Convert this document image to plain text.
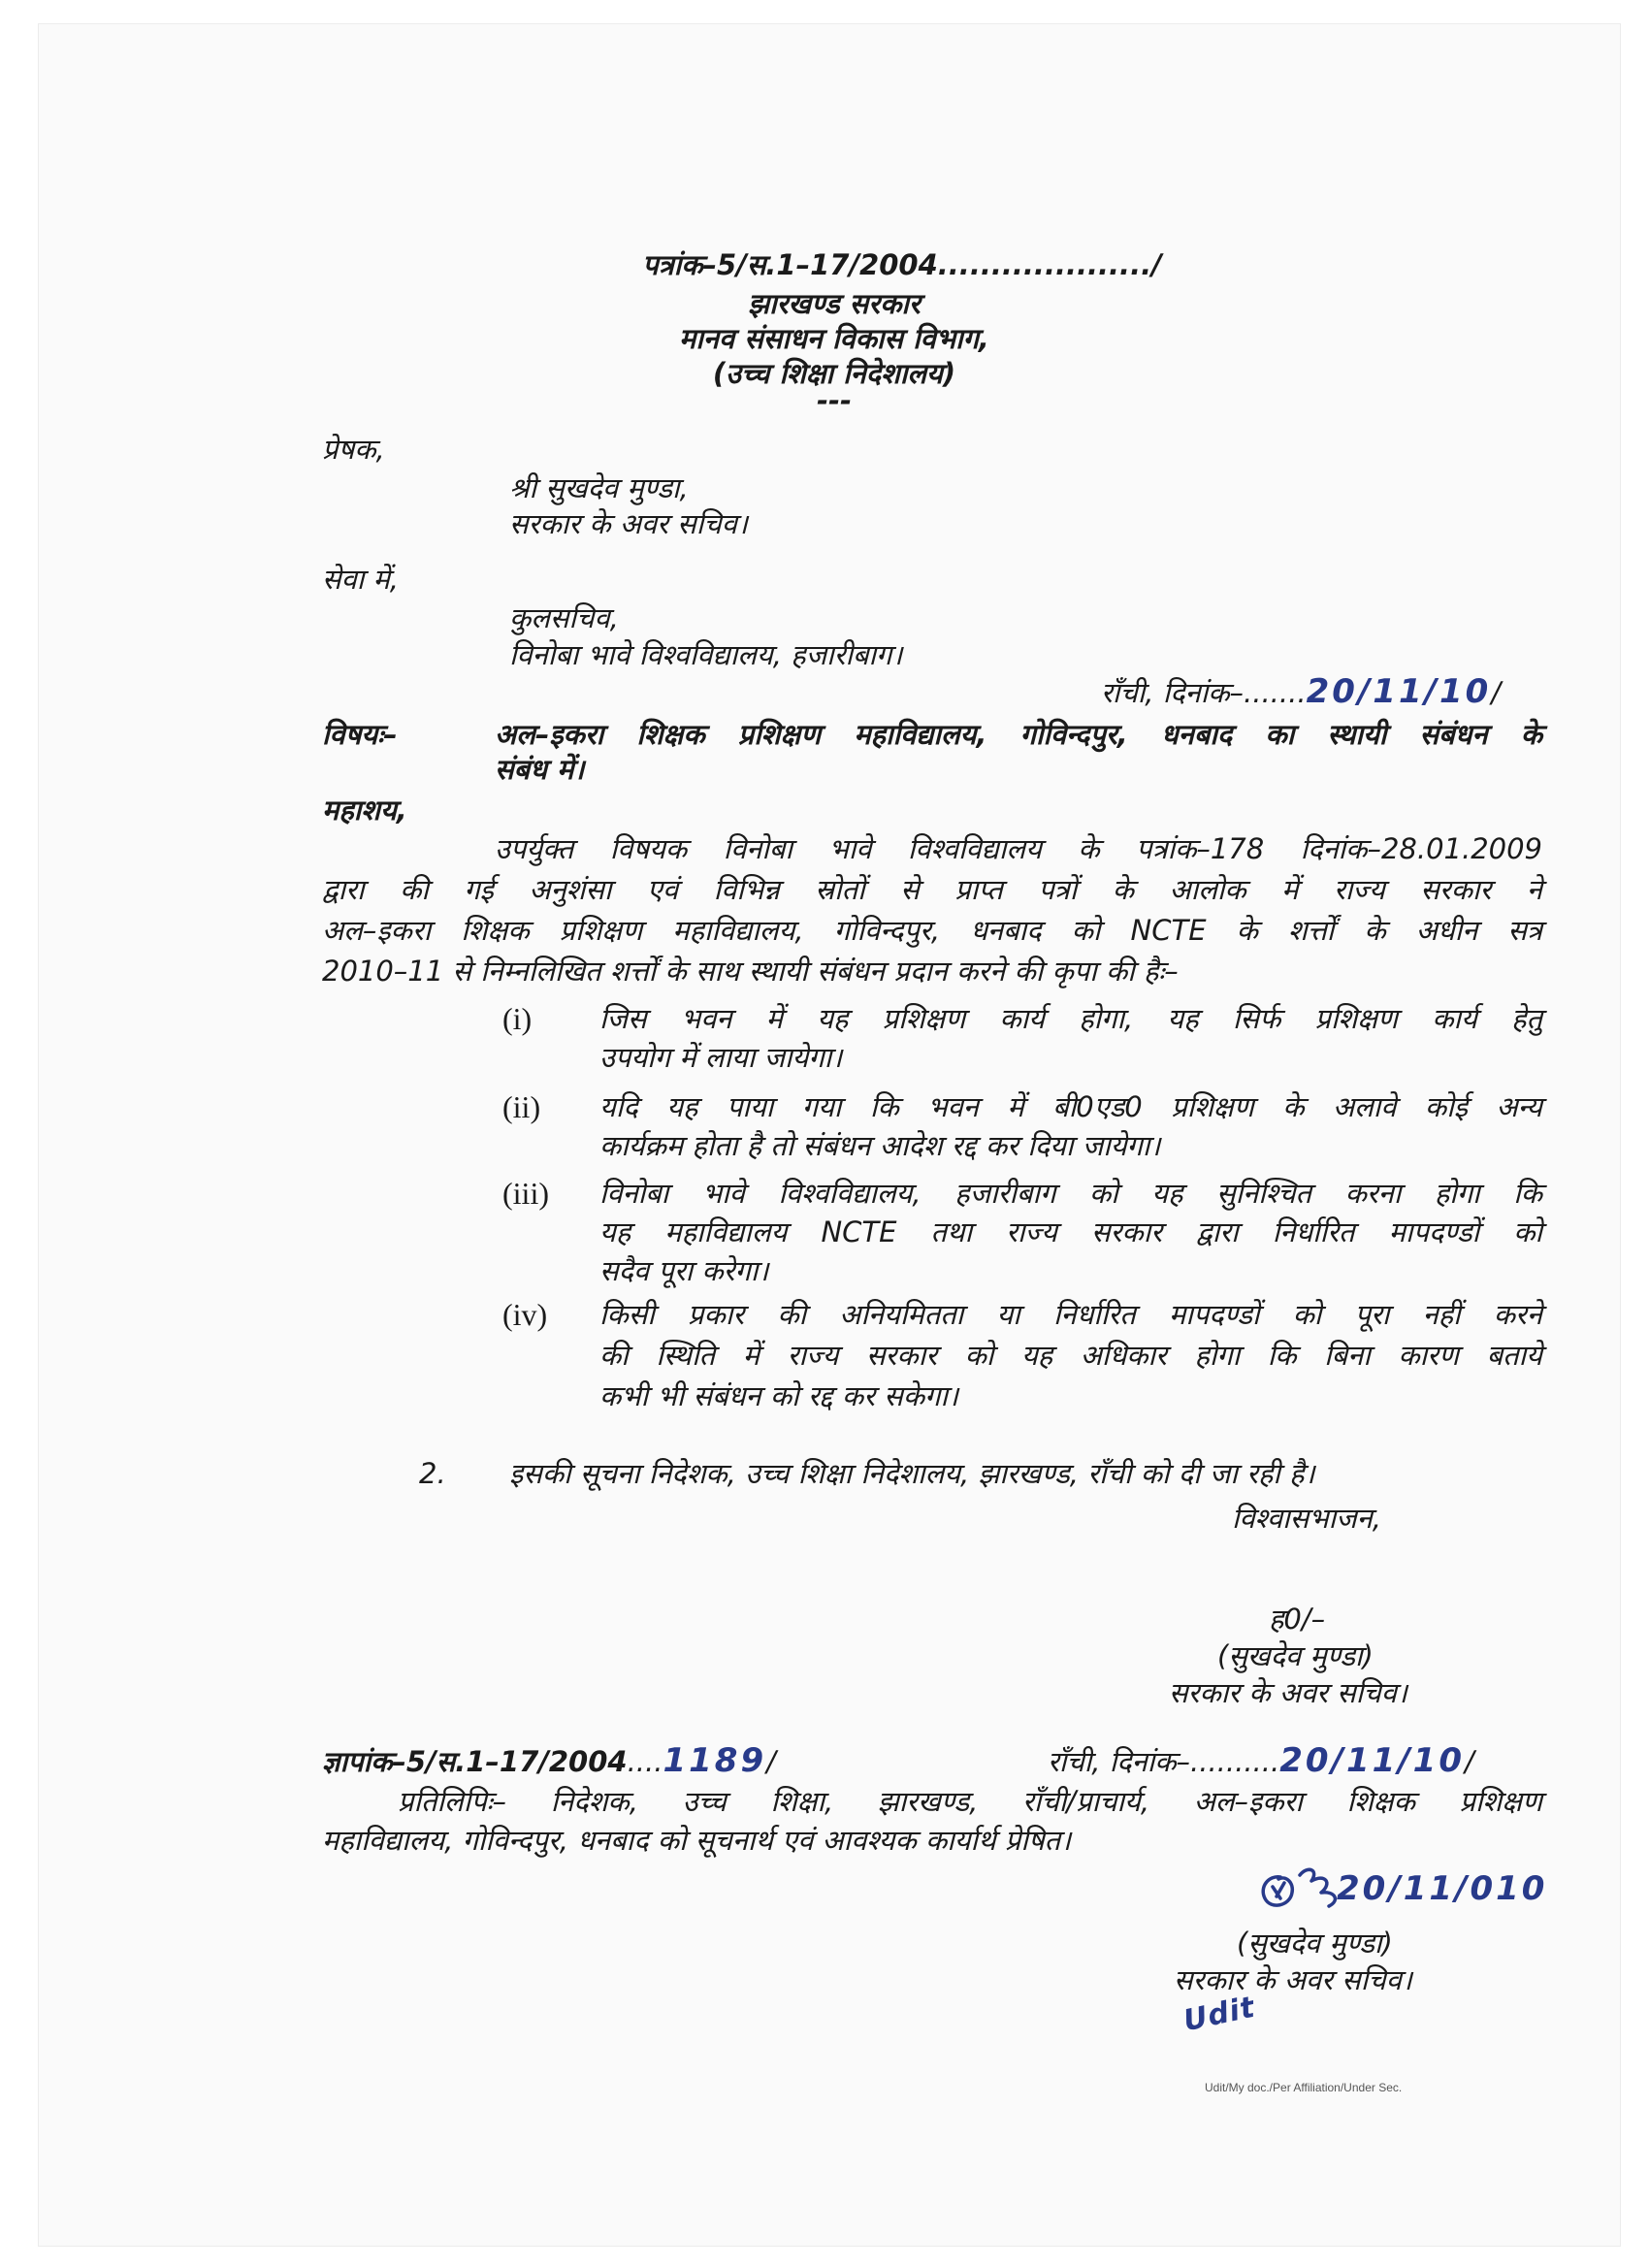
पत्रांक–5/स.1–17/2004..................../
झारखण्ड सरकार
मानव संसाधन विकास विभाग,
(उच्च शिक्षा निदेशालय)
---
प्रेषक,
श्री सुखदेव मुण्डा,
सरकार के अवर सचिव।
सेवा में,
कुलसचिव,
विनोबा भावे विश्वविद्यालय, हजारीबाग।
राँची, दिनांक–.......20/11/10/
विषयः–	अल–इकरा शिक्षक प्रशिक्षण महाविद्यालय, गोविन्दपुर, धनबाद का स्थायी संबंधन के
संबंध में।
महाशय,
उपर्युक्त विषयक विनोबा भावे विश्वविद्यालय के पत्रांक–178 दिनांक–28.01.2009
द्वारा की गई अनुशंसा एवं विभिन्न स्रोतों से प्राप्त पत्रों के आलोक में राज्य सरकार ने
अल–इकरा शिक्षक प्रशिक्षण महाविद्यालय, गोविन्दपुर, धनबाद को NCTE के शर्त्तों के अधीन सत्र
2010–11 से निम्नलिखित शर्त्तों के साथ स्थायी संबंधन प्रदान करने की कृपा की हैः–
(i) जिस भवन में यह प्रशिक्षण कार्य होगा, यह सिर्फ प्रशिक्षण कार्य हेतु
उपयोग में लाया जायेगा।
(ii) यदि यह पाया गया कि भवन में बी0एड0 प्रशिक्षण के अलावे कोई अन्य
कार्यक्रम होता है तो संबंधन आदेश रद्द कर दिया जायेगा।
(iii) विनोबा भावे विश्वविद्यालय, हजारीबाग को यह सुनिश्चित करना होगा कि
यह महाविद्यालय NCTE तथा राज्य सरकार द्वारा निर्धारित मापदण्डों को
सदैव पूरा करेगा।
(iv) किसी प्रकार की अनियमितता या निर्धारित मापदण्डों को पूरा नहीं करने
की स्थिति में राज्य सरकार को यह अधिकार होगा कि बिना कारण बताये
कभी भी संबंधन को रद्द कर सकेगा।
2. इसकी सूचना निदेशक, उच्च शिक्षा निदेशालय, झारखण्ड, राँची को दी जा रही है।
विश्वासभाजन,
ह0/–
(सुखदेव मुण्डा)
सरकार के अवर सचिव।
ज्ञापांक–5/स.1–17/2004....1189/	राँची, दिनांक–..........20/11/10/
प्रतिलिपिः– निदेशक, उच्च शिक्षा, झारखण्ड, राँची/प्राचार्य, अल–इकरा शिक्षक प्रशिक्षण
महाविद्यालय, गोविन्दपुर, धनबाद को सूचनार्थ एवं आवश्यक कार्यार्थ प्रेषित।
20/11/010
(सुखदेव मुण्डा)
सरकार के अवर सचिव।
Udit
Udit/My doc./Per Affiliation/Under Sec.
